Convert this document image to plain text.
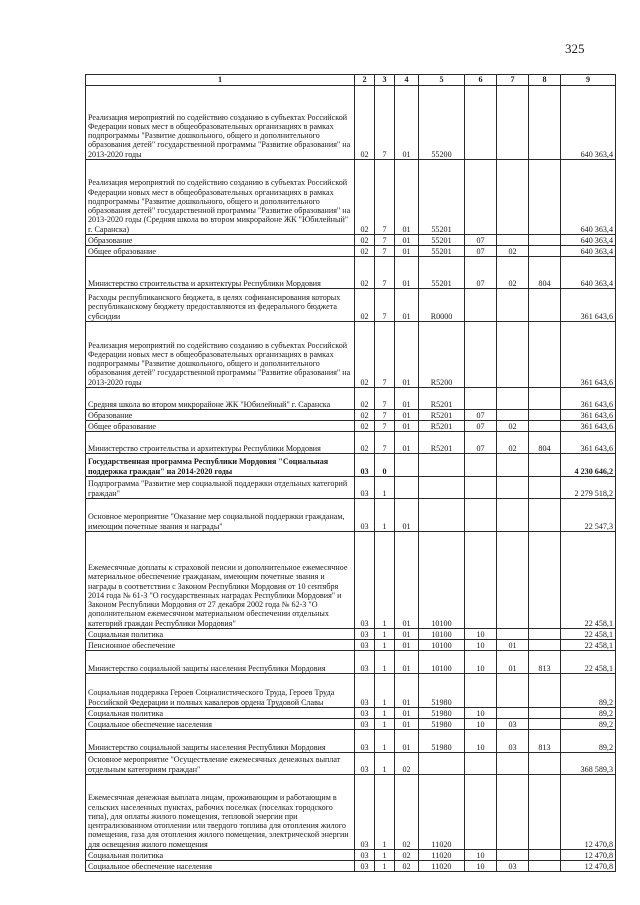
325
1	2	3	4	5	6	7	8	9
Реализация мероприятий по содействию созданию в субъектах Российской Федерации новых мест в общеобразовательных организациях в рамках подпрограммы "Развитие дошкольного, общего и дополнительного образования детей" государственной программы "Развитие образования" на 2013-2020 годы	02	7	01	55200				640 363,4
Реализация мероприятий по содействию созданию в субъектах Российской Федерации новых мест в общеобразовательных организациях в рамках подпрограммы "Развитие дошкольного, общего и дополнительного образования детей" государственной программы "Развитие образования" на 2013-2020 годы (Средняя школа во втором микрорайоне ЖК "Юбилейный" г. Саранска)	02	7	01	55201				640 363,4
Образование	02	7	01	55201	07			640 363,4
Общее образование	02	7	01	55201	07	02		640 363,4
Министерство строительства и архитектуры Республики Мордовия	02	7	01	55201	07	02	804	640 363,4
Расходы республиканского бюджета, в целях софинансирования которых республиканскому бюджету предоставляются из федерального бюджета субсидии	02	7	01	R0000				361 643,6
Реализация мероприятий по содействию созданию в субъектах Российской Федерации новых мест в общеобразовательных организациях в рамках подпрограммы "Развитие дошкольного, общего и дополнительного образования детей" государственной программы "Развитие образования" на 2013-2020 годы	02	7	01	R5200				361 643,6
Средняя школа во втором микрорайоне ЖК "Юбилейный" г. Саранска	02	7	01	R5201				361 643,6
Образование	02	7	01	R5201	07			361 643,6
Общее образование	02	7	01	R5201	07	02		361 643,6
Министерство строительства и архитектуры Республики Мордовия	02	7	01	R5201	07	02	804	361 643,6
Государственная программа Республики Мордовия "Социальная поддержка граждан" на 2014-2020 годы	03	0						4 230 646,2
Подпрограмма "Развитие мер социальной поддержки отдельных категорий граждан"	03	1						2 279 518,2
Основное мероприятие "Оказание мер социальной поддержки гражданам, имеющим почетные звания и награды"	03	1	01					22 547,3
Ежемесячные доплаты к страховой пенсии и дополнительное ежемесячное материальное обеспечение гражданам, имеющим почетные звания и награды в соответствии с Законом Республики Мордовия от 10 сентября 2014 года № 61-З "О государственных наградах Республики Мордовия" и Законом Республики Мордовия от 27 декабря 2002 года № 62-З "О дополнительном ежемесячном материальном обеспечении отдельных категорий граждан Республики Мордовия"	03	1	01	10100				22 458,1
Социальная политика	03	1	01	10100	10			22 458,1
Пенсионное обеспечение	03	1	01	10100	10	01		22 458,1
Министерство социальной защиты населения Республики Мордовия	03	1	01	10100	10	01	813	22 458,1
Социальная поддержка Героев Социалистического Труда, Героев Труда Российской Федерации и полных кавалеров ордена Трудовой Славы	03	1	01	51980				89,2
Социальная политика	03	1	01	51980	10			89,2
Социальное обеспечение населения	03	1	01	51980	10	03		89,2
Министерство социальной защиты населения Республики Мордовия	03	1	01	51980	10	03	813	89,2
Основное мероприятие "Осуществление ежемесячных денежных выплат отдельным категориям граждан"	03	1	02					368 589,3
Ежемесячная денежная выплата лицам, проживающим и работающим в сельских населенных пунктах, рабочих поселках (поселках городского типа), для оплаты жилого помещения, тепловой энергии при централизованном отоплении или твердого топлива для отопления жилого помещения, газа для отопления жилого помещения, электрической энергии для освещения жилого помещения	03	1	02	11020				12 470,8
Социальная политика	03	1	02	11020	10			12 470,8
Социальное обеспечение населения	03	1	02	11020	10	03		12 470,8
